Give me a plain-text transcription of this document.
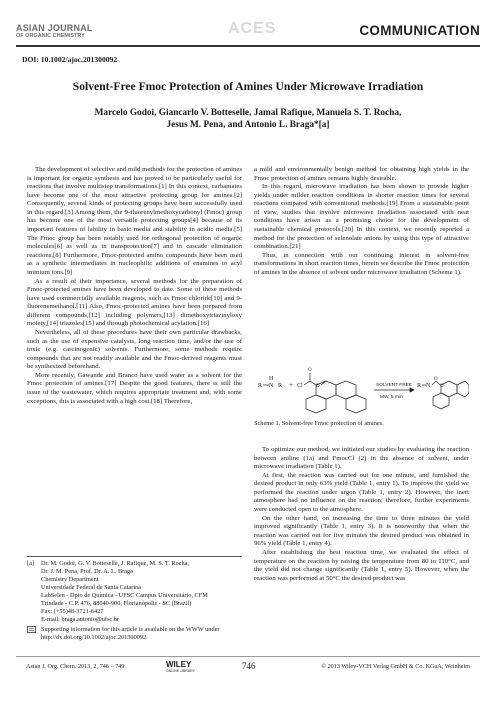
ASIAN JOURNAL
OF ORGANIC CHEMISTRY	ACES	COMMUNICATION
DOI: 10.1002/ajoc.201300092
Solvent-Free Fmoc Protection of Amines Under Microwave Irradiation
Marcelo Godoi, Giancarlo V. Botteselle, Jamal Rafique, Manuela S. T. Rocha,
Jesus M. Pena, and Antonio L. Braga*[a]

The development of selective and mild methods for the protection of amines is important for organic synthesis and has proved to be particularly useful for reactions that involve multistep transformations.[1] In this context, carbamates have become one of the most attractive protecting group for amines.[2] Consequently, several kinds of protecting groups have been successfully used in this regard.[3] Among them, the 9-fluorenylmethoxycarbonyl (Fmoc) group has become one of the most versatile protecting groups[4] because of its important features of lability in basic media and stability in acidic media.[5] The Fmoc group has been notably used for orthogonal protection of organic molecules[6] as well as in transprotection[7] and in cascade elimination reactions.[8] Furthermore, Fmoc-protected amino compounds have been used as a synthetic intermediates in nucleophilic additions of enamines to acyl iminium ions.[9]

As a result of their importance, several methods for the preparation of Fmoc-protected amines have been developed to date. Some of these methods have used commercially available reagents, such as Fmoc chloride[10] and 9-fluorenemethanol.[11] Also, Fmoc-protected amines have been prepared from different compounds,[12] including polymers,[13] dimethoxytriazinyloxy moiety,[14] triazoles[15] and through photochemical acylation.[16]

Nevertheless, all of these procedures have their own particular drawbacks, such as the use of expensive catalysts, long reaction time, and/or the use of toxic (e.g. carcinogenic) solvents. Furthermore, some methods require compounds that are not readily available and the Fmoc-derived reagents must be synthesized beforehand.

More recently, Gawande and Branco have used water as a solvent for the Fmoc protection of amines.[17] Despite the good features, there is still the issue of the wastewater, which requires appropriate treatment and, with some exceptions, this is associated with a high cost.[18] Therefore,

a mild and environmentally benign method for obtaining high yields in the Fmoc protection of amines remains highly desirable.

In this regard, microwave irradiation has been shown to provide higher yields under milder reaction conditions in shorter reaction times for several reactions compared with conventional methods.[19] From a sustainable point of view, studies that involve microwave irradiation associated with neat conditions have arisen as a promising choice for the development of sustainable chemical protocols.[20] In this context, we recently reported a method for the protection of selenolate anions by using this type of attractive combination.[21]

Thus, in connection with our continuing interest in solvent-free transformations in short reaction times, herein we describe the Fmoc protection of amines in the absence of solvent under microwave irradiation (Scheme 1).

R N
H
R + Cl
O
O	R N
O
O
SOLVENT FREE
MW, 5 min
Scheme 1. Solvent-free Fmoc protection of amines.

To optimize our method, we initiated our studies by evaluating the reaction between aniline (1a) and FmocCl (2) in the absence of solvent, under microwave irradiation (Table 1).

At first, the reaction was carried out for one minute, and furnished the desired product in only 63% yield (Table 1, entry 1). To improve the yield we performed the reaction under argon (Table 1, entry 2). However, the inert atmosphere had no influence on the reaction; therefore, further experiments were conducted open to the atmosphere.

On the other hand, on increasing the time to three minutes the yield improved significantly (Table 1, entry 3). It is noteworthy that when the reaction was carried out for five minutes the desired product was obtained in 96% yield (Table 1, entry 4).

After establishing the best reaction time, we evaluated the effect of temperature on the reaction by raising the temperature from 80 to 110°C, and the yield did not change significantly (Table 1, entry 5). However, when the reaction was performed at 50°C the desired product was

[a]	Dr. M. Godoi, G. V. Botteselle, J. Rafique, M. S. T. Rocha,
Dr. J. M. Pena, Prof. Dr. A. L. Braga
Chemistry Department
Universidade Federal de Santa Catarina
LabSelen - Dpto de Química - UFSC Campus Universitário, CFM
Trindade - C.P. 476, 88040-900, Florianópolis - SC (Brazil)
Fax: (+55)48-3721-6427
E-mail: braga.antonio@ufsc.br
Supporting information for this article is available on the WWW under http://dx.doi.org/10.1002/ajoc.201300092.
Asian J. Org. Chem. 2013, 2, 746 – 749	WILEY
ONLINE LIBRARY	746	© 2013 Wiley-VCH Verlag GmbH & Co. KGaA, Weinheim
